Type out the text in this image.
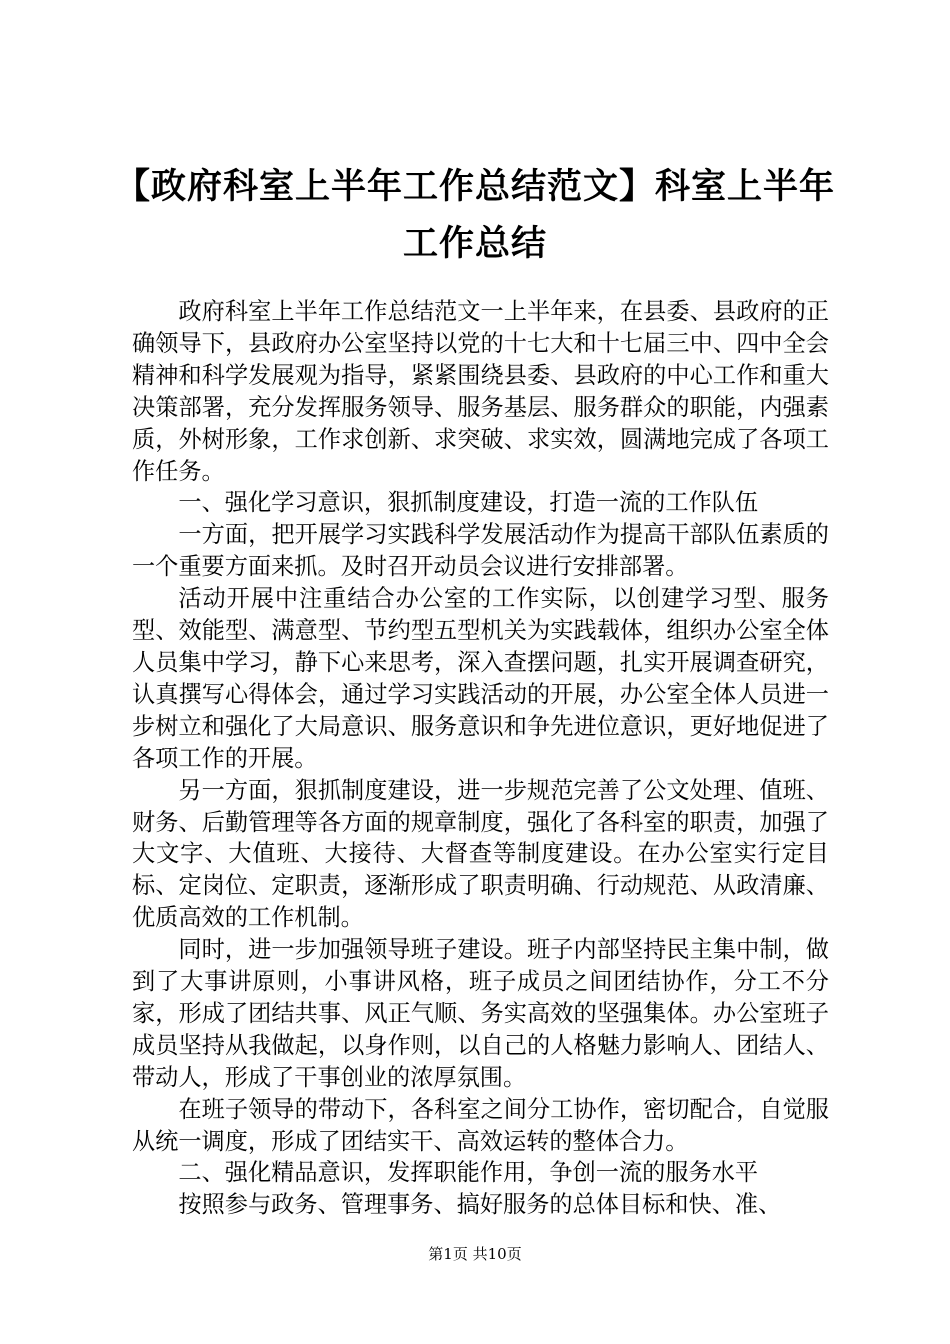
【政府科室上半年工作总结范文】科室上半年
工作总结

政府科室上半年工作总结范文一上半年来，在县委、县政府的正确领导下，县政府办公室坚持以党的十七大和十七届三中、四中全会精神和科学发展观为指导，紧紧围绕县委、县政府的中心工作和重大决策部署，充分发挥服务领导、服务基层、服务群众的职能，内强素质，外树形象，工作求创新、求突破、求实效，圆满地完成了各项工作任务。

一、强化学习意识，狠抓制度建设，打造一流的工作队伍

一方面，把开展学习实践科学发展活动作为提高干部队伍素质的一个重要方面来抓。及时召开动员会议进行安排部署。

活动开展中注重结合办公室的工作实际，以创建学习型、服务型、效能型、满意型、节约型五型机关为实践载体，组织办公室全体人员集中学习，静下心来思考，深入查摆问题，扎实开展调查研究，认真撰写心得体会，通过学习实践活动的开展，办公室全体人员进一步树立和强化了大局意识、服务意识和争先进位意识，更好地促进了各项工作的开展。

另一方面，狠抓制度建设，进一步规范完善了公文处理、值班、财务、后勤管理等各方面的规章制度，强化了各科室的职责，加强了大文字、大值班、大接待、大督查等制度建设。在办公室实行定目标、定岗位、定职责，逐渐形成了职责明确、行动规范、从政清廉、优质高效的工作机制。

同时，进一步加强领导班子建设。班子内部坚持民主集中制，做到了大事讲原则，小事讲风格，班子成员之间团结协作，分工不分家，形成了团结共事、风正气顺、务实高效的坚强集体。办公室班子成员坚持从我做起，以身作则，以自己的人格魅力影响人、团结人、带动人，形成了干事创业的浓厚氛围。

在班子领导的带动下，各科室之间分工协作，密切配合，自觉服从统一调度，形成了团结实干、高效运转的整体合力。

二、强化精品意识，发挥职能作用，争创一流的服务水平

按照参与政务、管理事务、搞好服务的总体目标和快、准、

第1页 共10页
